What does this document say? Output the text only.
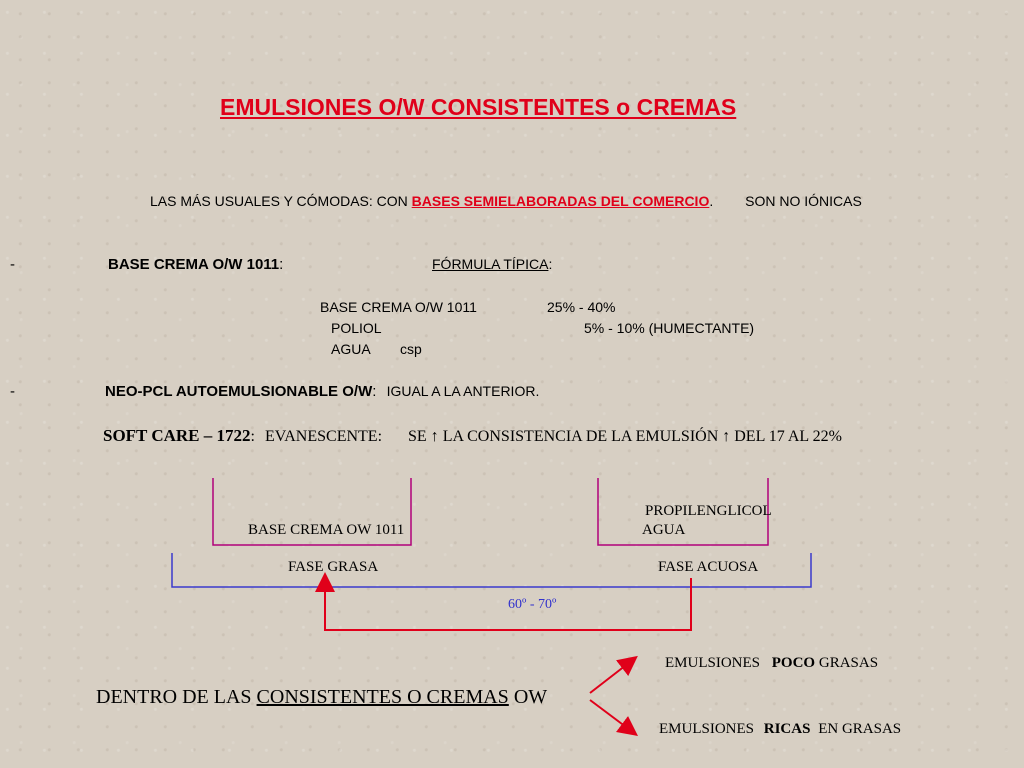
EMULSIONES O/W CONSISTENTES o CREMAS
LAS MÁS USUALES Y CÓMODAS: CON BASES SEMIELABORADAS DEL COMERCIO. SON NO IÓNICAS
-	BASE CREMA O/W 1011:	FÓRMULA TÍPICA:
BASE CREMA O/W 1011	25% - 40%
POLIOL	5% - 10% (HUMECTANTE)
AGUA csp
-	NEO-PCL AUTOEMULSIONABLE O/W: IGUAL A LA ANTERIOR.
SOFT CARE – 1722: EVANESCENTE: SE ↑ LA CONSISTENCIA DE LA EMULSIÓN ↑ DEL 17 AL 22%
BASE CREMA OW 1011
PROPILENGLICOL
AGUA
FASE GRASA	FASE ACUOSA
60º - 70º
DENTRO DE LAS CONSISTENTES O CREMAS OW
EMULSIONES POCO GRASAS
EMULSIONES RICAS EN GRASAS
